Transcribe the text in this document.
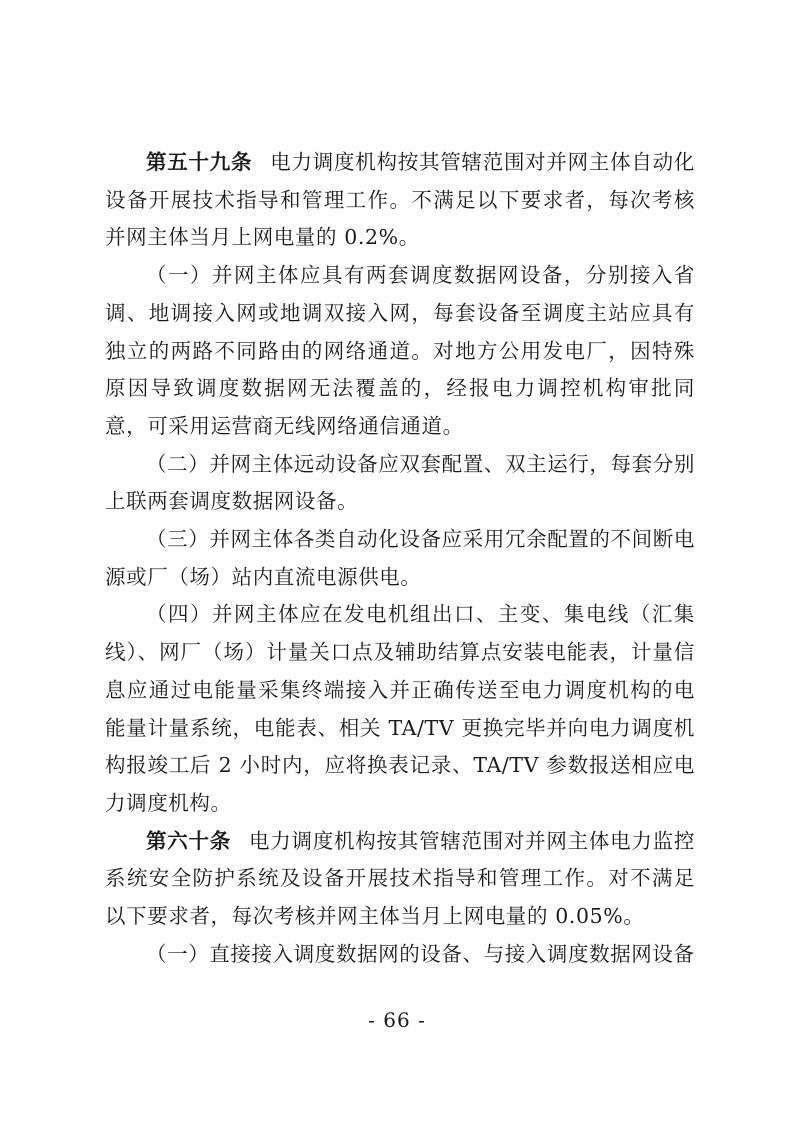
第五十九条 电力调度机构按其管辖范围对并网主体自动化设备开展技术指导和管理工作。不满足以下要求者，每次考核并网主体当月上网电量的 0.2%。

（一）并网主体应具有两套调度数据网设备，分别接入省调、地调接入网或地调双接入网，每套设备至调度主站应具有独立的两路不同路由的网络通道。对地方公用发电厂，因特殊原因导致调度数据网无法覆盖的，经报电力调控机构审批同意，可采用运营商无线网络通信通道。

（二）并网主体远动设备应双套配置、双主运行，每套分别上联两套调度数据网设备。

（三）并网主体各类自动化设备应采用冗余配置的不间断电源或厂（场）站内直流电源供电。

（四）并网主体应在发电机组出口、主变、集电线（汇集线）、网厂（场）计量关口点及辅助结算点安装电能表，计量信息应通过电能量采集终端接入并正确传送至电力调度机构的电能量计量系统，电能表、相关 TA/TV 更换完毕并向电力调度机构报竣工后 2 小时内，应将换表记录、TA/TV 参数报送相应电力调度机构。

第六十条 电力调度机构按其管辖范围对并网主体电力监控系统安全防护系统及设备开展技术指导和管理工作。对不满足以下要求者，每次考核并网主体当月上网电量的 0.05%。

（一）直接接入调度数据网的设备、与接入调度数据网设备

- 66 -
